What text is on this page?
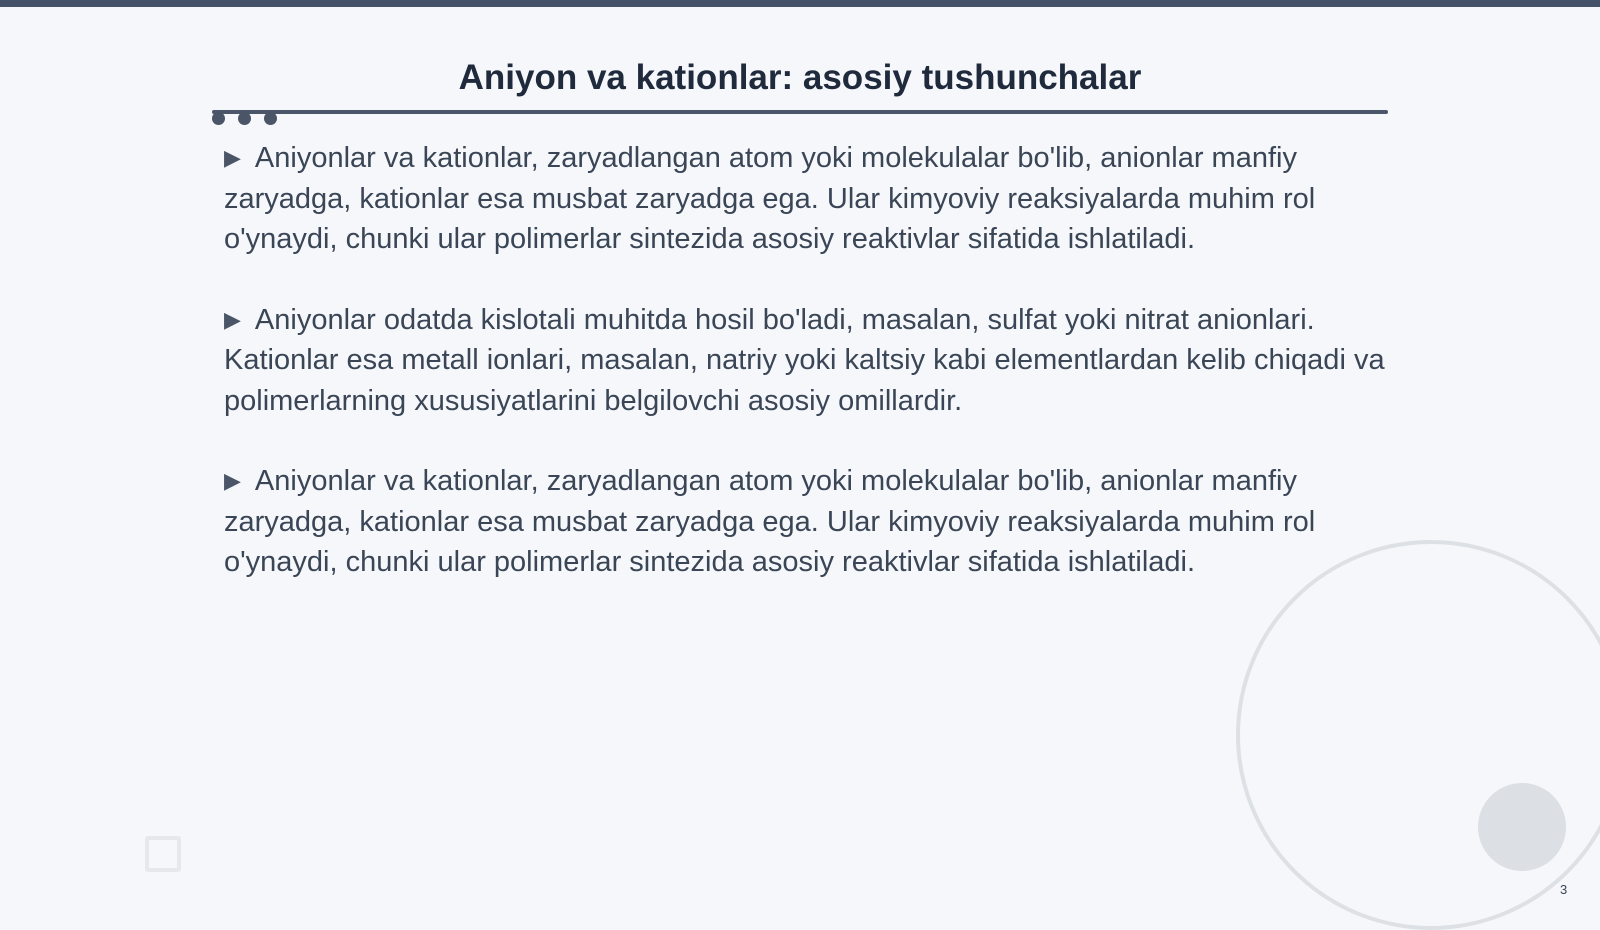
Aniyon va kationlar: asosiy tushunchalar

▶ Aniyonlar va kationlar, zaryadlangan atom yoki molekulalar bo'lib, anionlar manfiy zaryadga, kationlar esa musbat zaryadga ega. Ular kimyoviy reaksiyalarda muhim rol o'ynaydi, chunki ular polimerlar sintezida asosiy reaktivlar sifatida ishlatiladi.

▶ Aniyonlar odatda kislotali muhitda hosil bo'ladi, masalan, sulfat yoki nitrat anionlari. Kationlar esa metall ionlari, masalan, natriy yoki kaltsiy kabi elementlardan kelib chiqadi va polimerlarning xususiyatlarini belgilovchi asosiy omillardir.

▶ Aniyonlar va kationlar, zaryadlangan atom yoki molekulalar bo'lib, anionlar manfiy zaryadga, kationlar esa musbat zaryadga ega. Ular kimyoviy reaksiyalarda muhim rol o'ynaydi, chunki ular polimerlar sintezida asosiy reaktivlar sifatida ishlatiladi.

3
